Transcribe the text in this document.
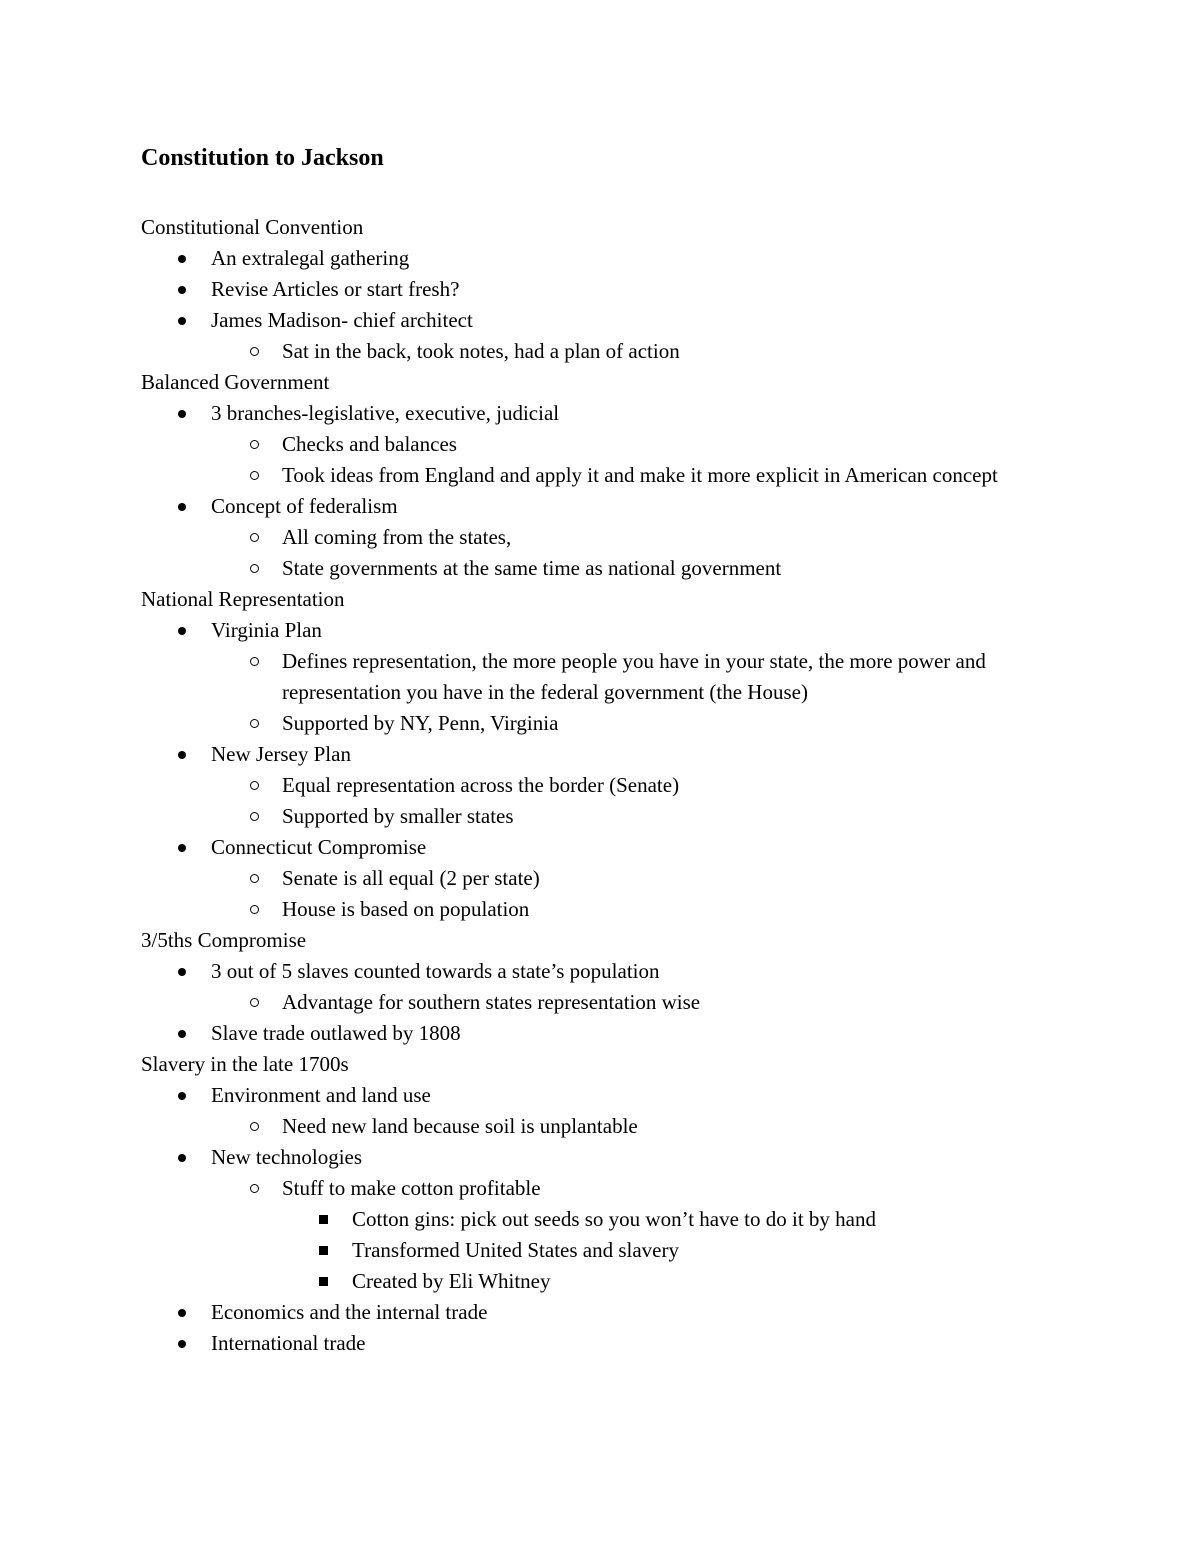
Constitution to Jackson
Constitutional Convention
An extralegal gathering
Revise Articles or start fresh?
James Madison- chief architect
Sat in the back, took notes, had a plan of action
Balanced Government
3 branches-legislative, executive, judicial
Checks and balances
Took ideas from England and apply it and make it more explicit in American concept
Concept of federalism
All coming from the states,
State governments at the same time as national government
National Representation
Virginia Plan
Defines representation, the more people you have in your state, the more power and representation you have in the federal government (the House)
Supported by NY, Penn, Virginia
New Jersey Plan
Equal representation across the border (Senate)
Supported by smaller states
Connecticut Compromise
Senate is all equal (2 per state)
House is based on population
3/5ths Compromise
3 out of 5 slaves counted towards a state’s population
Advantage for southern states representation wise
Slave trade outlawed by 1808
Slavery in the late 1700s
Environment and land use
Need new land because soil is unplantable
New technologies
Stuff to make cotton profitable
Cotton gins: pick out seeds so you won’t have to do it by hand
Transformed United States and slavery
Created by Eli Whitney
Economics and the internal trade
International trade
